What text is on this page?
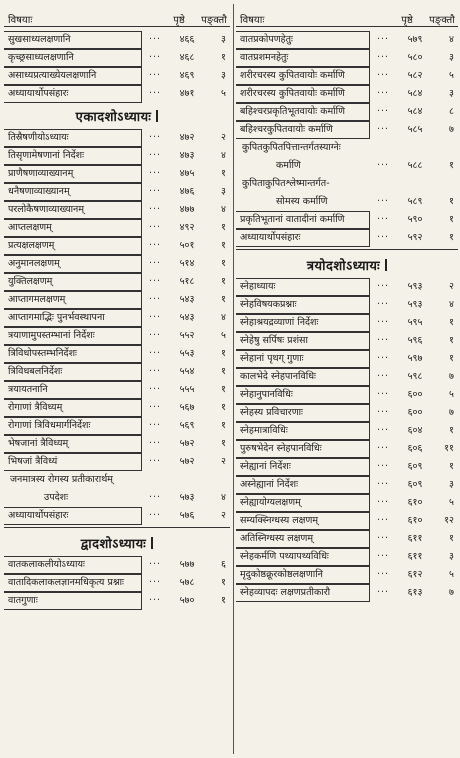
विषयाः	पृष्ठे	पङ्क्तौ
सुखसाध्यलक्षणानि	···	४६६	३
कृच्छ्रसाध्यलक्षणानि	···	४६८	१
असाध्यप्रत्याख्येयलक्षणानि	···	४६९	३
अध्यायार्थोपसंहारः	···	४७१	५
एकादशोऽध्यायः
तिस्रैषणीयोऽध्यायः	···	४७२	२
तिसृणामेषणानां निर्देशः	···	४७३	४
प्राणैषणाव्याख्यानम्	···	४७५	१
धनैषणाव्याख्यानम्	···	४७६	३
परलोकैषणाव्याख्यानम्	···	४७७	४
आप्तलक्षणम्	···	४९२	१
प्रत्यक्षलक्षणम्	···	५०१	१
अनुमानलक्षणम्	···	५१४	१
युक्तिलक्षणम्	···	५१८	१
आप्तागमलक्षणम्	···	५४३	१
आप्तागमाद्भिः पुनर्भवस्थापना	···	५४३	४
त्रयाणामुपस्तम्भानां निर्देशः	···	५५२	५
त्रिविधोपस्तम्भनिर्देशः	···	५५३	१
त्रिविधबलनिर्देशः	···	५५४	१
त्रयायतनानि	···	५५५	१
रोगाणां त्रैविध्यम्	···	५६७	१
रोगाणां त्रिविधमार्गनिर्देशः	···	५६९	१
भेषजानां त्रैविध्यम्	···	५७२	१
भिषजां त्रैविध्यं	···	५७२	२
जनमात्रस्य रोगस्य प्रतीकारार्थम्
उपदेशः	···	५७३	४
अध्यायार्थोपसंहारः	···	५७६	२
द्वादशोऽध्यायः
वातकलाकलीयोऽध्यायः	···	५७७	६
वातादिकलाकलज्ञानमधिकृत्य प्रश्नाः	···	५७८	१
वातगुणाः	···	५७०	१
विषयाः	पृष्ठे	पङ्क्तौ
वातप्रकोपणहेतुः	···	५७९	४
वातप्रशमनहेतुः	···	५८०	३
शरीरचरस्य कुपितवायोः कर्माणि	···	५८२	५
शरीरचरस्य कुपितवायोः कर्माणि	···	५८४	३
बहिश्चरप्रकृतिभूतवायोः कर्माणि	···	५८४	८
बहिश्चरकुपितवायोः कर्माणि	···	५८५	७
कुपितकुपितपित्तान्तर्गतस्याग्नेः
कर्माणि	···	५८८	१
कुपिताकुपितश्लेष्मान्तर्गत-
सोमस्य कर्माणि	···	५८९	१
प्रकृतिभूतानां वातादीनां कर्माणि	···	५९०	१
अध्यायार्थोपसंहारः	···	५९२	१
त्रयोदशोऽध्यायः
स्नेहाध्यायः	···	५९३	२
स्नेहविषयकप्रश्नाः	···	५९३	४
स्नेहाश्रयद्रव्याणां निर्देशः	···	५९५	१
स्नेहेषु सर्पिषः प्रशंसा	···	५९६	१
स्नेहानां पृथग् गुणाः	···	५९७	१
कालभेदे स्नेहपानविधिः	···	५९८	७
स्नेहानुपानविधिः	···	६००	५
स्नेहस्य प्रविचारणाः	···	६००	७
स्नेहमात्राविधिः	···	६०४	१
पुरुषभेदेन स्नेहपानविधिः	···	६०६	११
स्नेह्यानां निर्देशः	···	६०९	१
अस्नेह्यानां निर्देशः	···	६०९	३
स्नेह्यायोग्यलक्षणम्	···	६१०	५
सम्यक्स्निग्धस्य लक्षणम्	···	६१०	१२
अतिस्निग्धस्य लक्षणम्	···	६११	१
स्नेहकर्मणि पथ्यापथ्यविधिः	···	६११	३
मृदुकोष्ठक्रूरकोष्ठलक्षणानि	···	६१२	५
स्नेहव्यापदः लक्षणप्रतीकारौ	···	६१३	७
